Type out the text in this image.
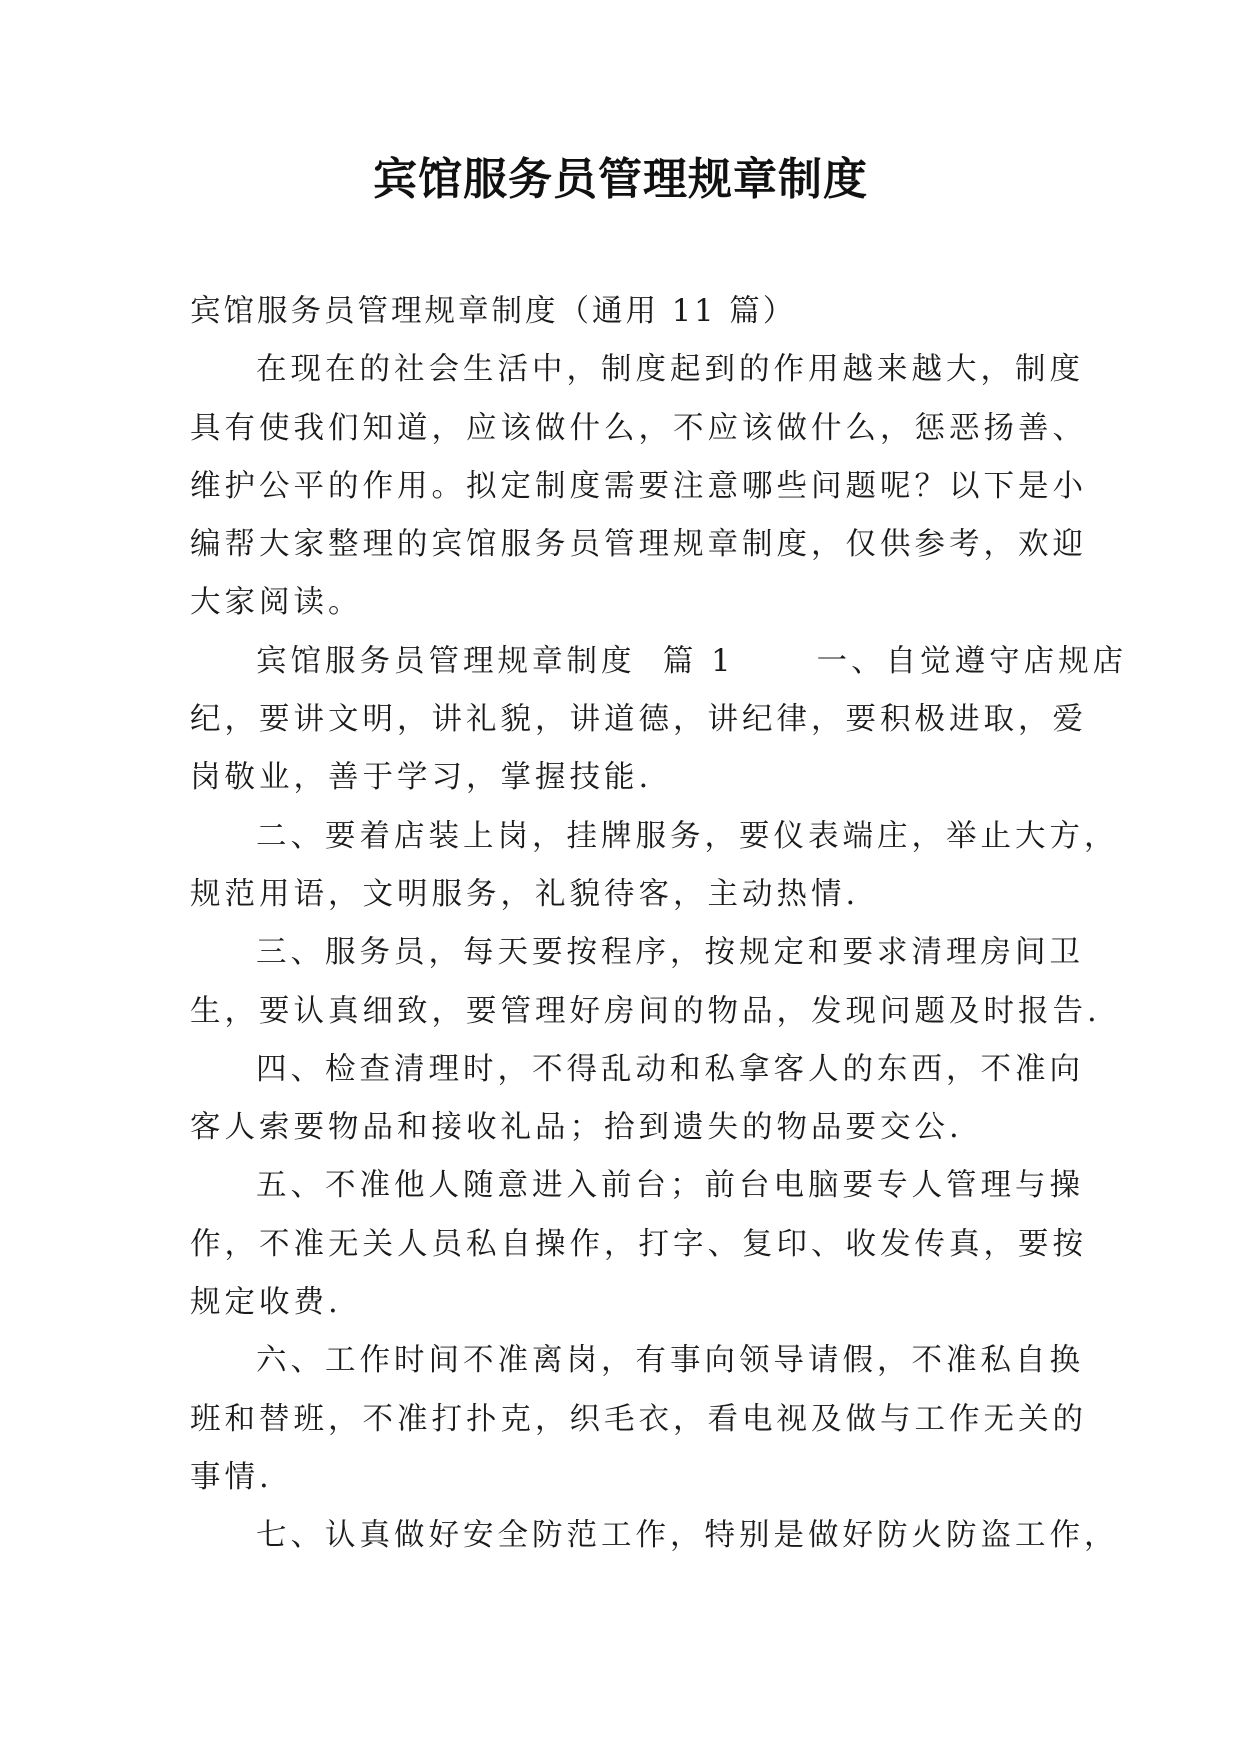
宾馆服务员管理规章制度
宾馆服务员管理规章制度（通用 11 篇）
在现在的社会生活中，制度起到的作用越来越大，制度
具有使我们知道，应该做什么，不应该做什么，惩恶扬善、
维护公平的作用。拟定制度需要注意哪些问题呢？以下是小
编帮大家整理的宾馆服务员管理规章制度，仅供参考，欢迎
大家阅读。
宾馆服务员管理规章制度  篇 1      一、自觉遵守店规店
纪，要讲文明，讲礼貌，讲道德，讲纪律，要积极进取，爱
岗敬业，善于学习，掌握技能.
二、要着店装上岗，挂牌服务，要仪表端庄，举止大方，
规范用语，文明服务，礼貌待客，主动热情.
三、服务员，每天要按程序，按规定和要求清理房间卫
生，要认真细致，要管理好房间的物品，发现问题及时报告.
四、检查清理时，不得乱动和私拿客人的东西，不准向
客人索要物品和接收礼品；拾到遗失的物品要交公.
五、不准他人随意进入前台；前台电脑要专人管理与操
作，不准无关人员私自操作，打字、复印、收发传真，要按
规定收费.
六、工作时间不准离岗，有事向领导请假，不准私自换
班和替班，不准打扑克，织毛衣，看电视及做与工作无关的
事情.
七、认真做好安全防范工作，特别是做好防火防盗工作，
